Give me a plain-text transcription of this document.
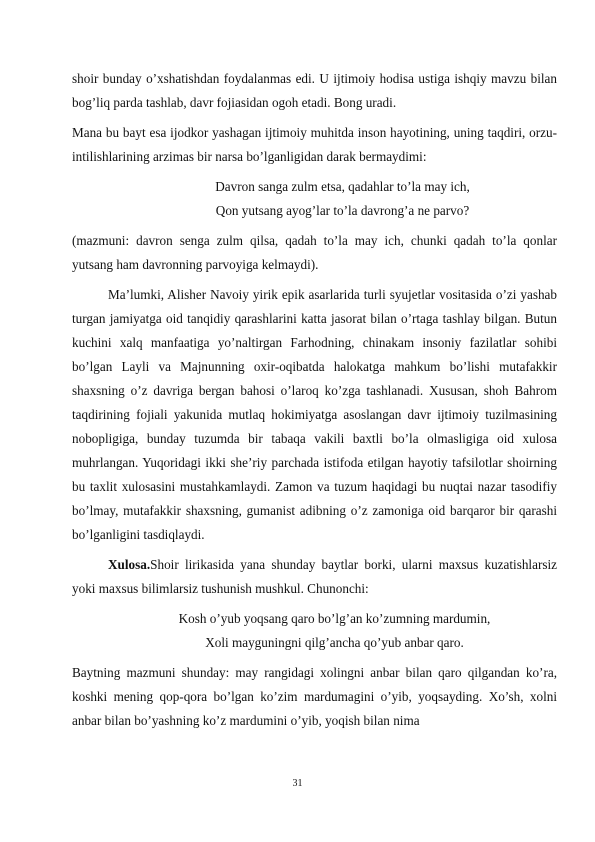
shoir bunday o’xshatishdan foydalanmas edi. U ijtimoiy hodisa ustiga ishqiy mavzu bilan bog’liq parda tashlab, davr fojiasidan ogoh etadi. Bong uradi.

Mana bu bayt esa ijodkor yashagan ijtimoiy muhitda inson hayotining, uning taqdiri, orzu-intilishlarining arzimas bir narsa bo’lganligidan darak bermaydimi:

Davron sanga zulm etsa, qadahlar to’la may ich,
Qon yutsang ayog’lar to’la davrong’a ne parvo?

(mazmuni: davron senga zulm qilsa, qadah to’la may ich, chunki qadah to’la qonlar yutsang ham davronning parvoyiga kelmaydi).

Ma’lumki, Alisher Navoiy yirik epik asarlarida turli syujetlar vositasida o’zi yashab turgan jamiyatga oid tanqidiy qarashlarini katta jasorat bilan o’rtaga tashlay bilgan. Butun kuchini xalq manfaatiga yo’naltirgan Farhodning, chinakam insoniy fazilatlar sohibi bo’lgan Layli va Majnunning oxir-oqibatda halokatga mahkum bo’lishi mutafakkir shaxsning o’z davriga bergan bahosi o’laroq ko’zga tashlanadi. Xususan, shoh Bahrom taqdirining fojiali yakunida mutlaq hokimiyatga asoslangan davr ijtimoiy tuzilmasining nobopligiga, bunday tuzumda bir tabaqa vakili baxtli bo’la olmasligiga oid xulosa muhrlangan. Yuqoridagi ikki she’riy parchada istifoda etilgan hayotiy tafsilotlar shoirning bu taxlit xulosasini mustahkamlaydi. Zamon va tuzum haqidagi bu nuqtai nazar tasodifiy bo’lmay, mutafakkir shaxsning, gumanist adibning o’z zamoniga oid barqaror bir qarashi bo’lganligini tasdiqlaydi.

Xulosa.Shoir lirikasida yana shunday baytlar borki, ularni maxsus kuzatishlarsiz yoki maxsus bilimlarsiz tushunish mushkul. Chunonchi:

Kosh o’yub yoqsang qaro bo’lg’an ko’zumning mardumin,
Xoli mayguningni qilg’ancha qo’yub anbar qaro.

Baytning mazmuni shunday: may rangidagi xolingni anbar bilan qaro qilgandan ko’ra, koshki mening qop-qora bo’lgan ko’zim mardumagini o’yib, yoqsayding. Xo’sh, xolni anbar bilan bo’yashning ko’z mardumini o’yib, yoqish bilan nima

31
